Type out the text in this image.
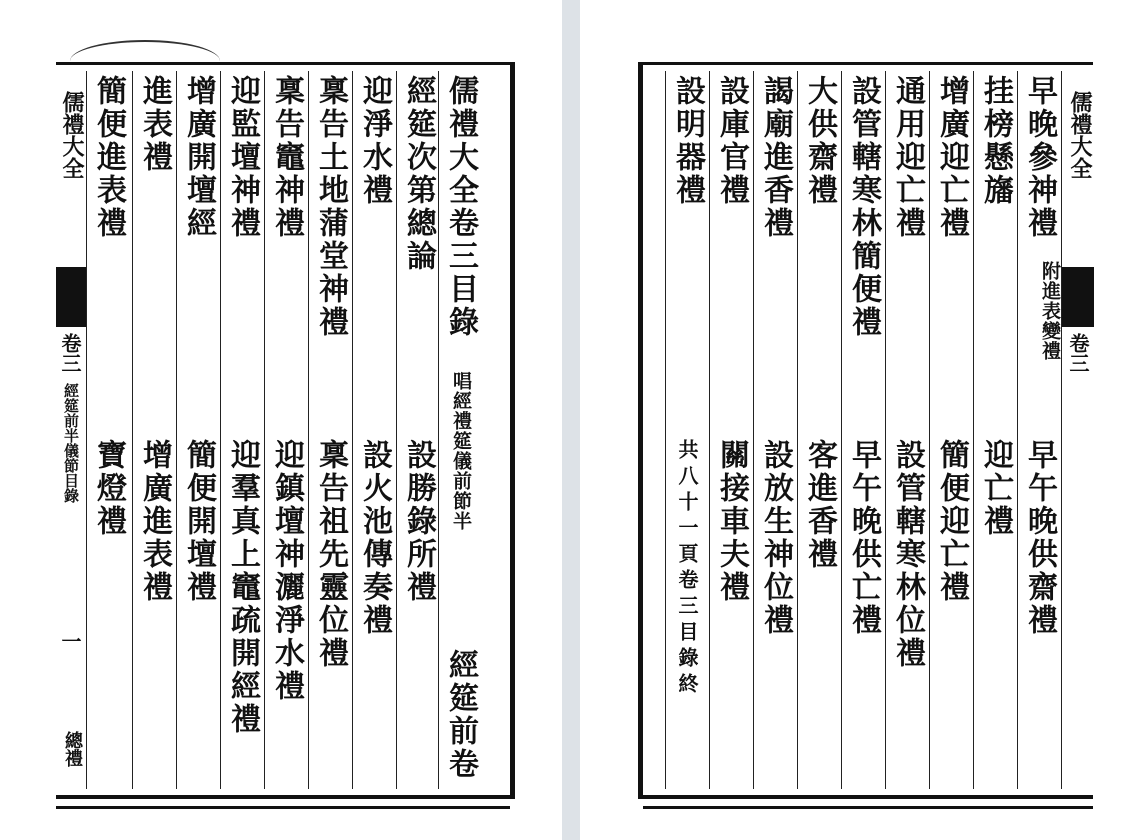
儒禮大全卷三目錄
唱經禮筵儀前節半
經筵前卷
經筵次第總論
設勝錄所禮
迎淨水禮
設火池傳奏禮
稟告土地蒲堂神禮
稟告祖先靈位禮
稟告竈神禮
迎鎮壇神灑淨水禮
迎監壇神禮
迎羣真上竈疏開經禮
增廣開壇經
簡便開壇禮
進表禮
增廣進表禮
簡便進表禮
寶燈禮
儒禮大全
卷三
經筵前半儀節目錄
一
總禮
早晚參神禮
附進表變禮
早午晚供齋禮
挂榜懸旛
迎亡禮
增廣迎亡禮
簡便迎亡禮
通用迎亡禮
設管轄寒林位禮
設管轄寒林簡便禮
早午晚供亡禮
大供齋禮
客進香禮
謁廟進香禮
設放生神位禮
設庫官禮
關接車夫禮
設明器禮
共八十一頁卷三目錄終
儒禮大全
卷三
